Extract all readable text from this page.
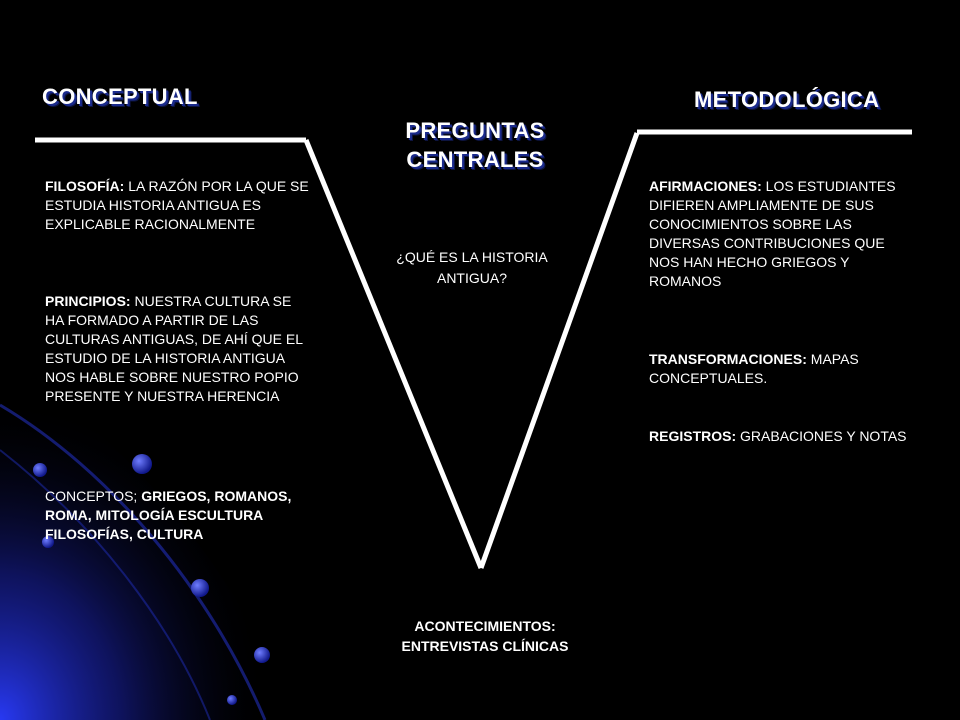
CONCEPTUAL	METODOLÓGICA
PREGUNTAS
CENTRALES
FILOSOFÍA: LA RAZÓN POR LA QUE SE ESTUDIA HISTORIA ANTIGUA ES EXPLICABLE RACIONALMENTE
PRINCIPIOS: NUESTRA CULTURA SE HA FORMADO A PARTIR DE LAS CULTURAS ANTIGUAS, DE AHÍ QUE EL ESTUDIO DE LA HISTORIA ANTIGUA NOS HABLE SOBRE NUESTRO POPIO PRESENTE Y NUESTRA HERENCIA
CONCEPTOS; GRIEGOS, ROMANOS, ROMA, MITOLOGÍA ESCULTURA FILOSOFÍAS, CULTURA
¿QUÉ ES LA HISTORIA ANTIGUA?
AFIRMACIONES: LOS ESTUDIANTES DIFIEREN AMPLIAMENTE DE SUS CONOCIMIENTOS SOBRE LAS DIVERSAS CONTRIBUCIONES QUE NOS HAN HECHO GRIEGOS Y ROMANOS
TRANSFORMACIONES: MAPAS CONCEPTUALES.
REGISTROS: GRABACIONES Y NOTAS
ACONTECIMIENTOS:
ENTREVISTAS CLÍNICAS
